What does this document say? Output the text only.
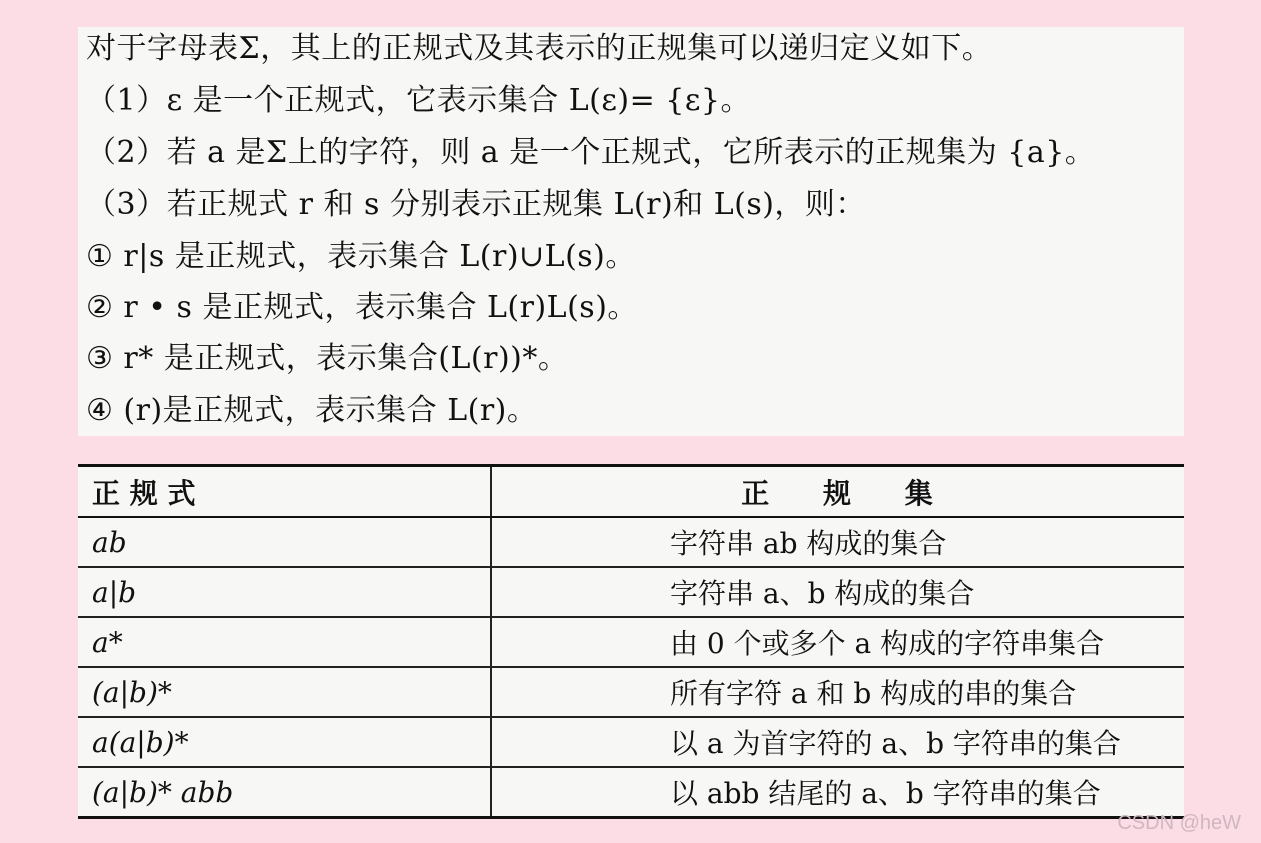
对于字母表Σ，其上的正规式及其表示的正规集可以递归定义如下。
（1）ε 是一个正规式，它表示集合 L(ε)= {ε}。
（2）若 a 是Σ上的字符，则 a 是一个正规式，它所表示的正规集为 {a}。
（3）若正规式 r 和 s 分别表示正规集 L(r)和 L(s)，则：
① r|s 是正规式，表示集合 L(r)∪L(s)。
② r • s 是正规式，表示集合 L(r)L(s)。
③ r* 是正规式，表示集合(L(r))*。
④ (r)是正规式，表示集合 L(r)。
正 规 式	正 规 集
ab	字符串 ab 构成的集合
a|b	字符串 a、b 构成的集合
a*	由 0 个或多个 a 构成的字符串集合
(a|b)*	所有字符 a 和 b 构成的串的集合
a(a|b)*	以 a 为首字符的 a、b 字符串的集合
(a|b)* abb	以 abb 结尾的 a、b 字符串的集合
CSDN @heW
